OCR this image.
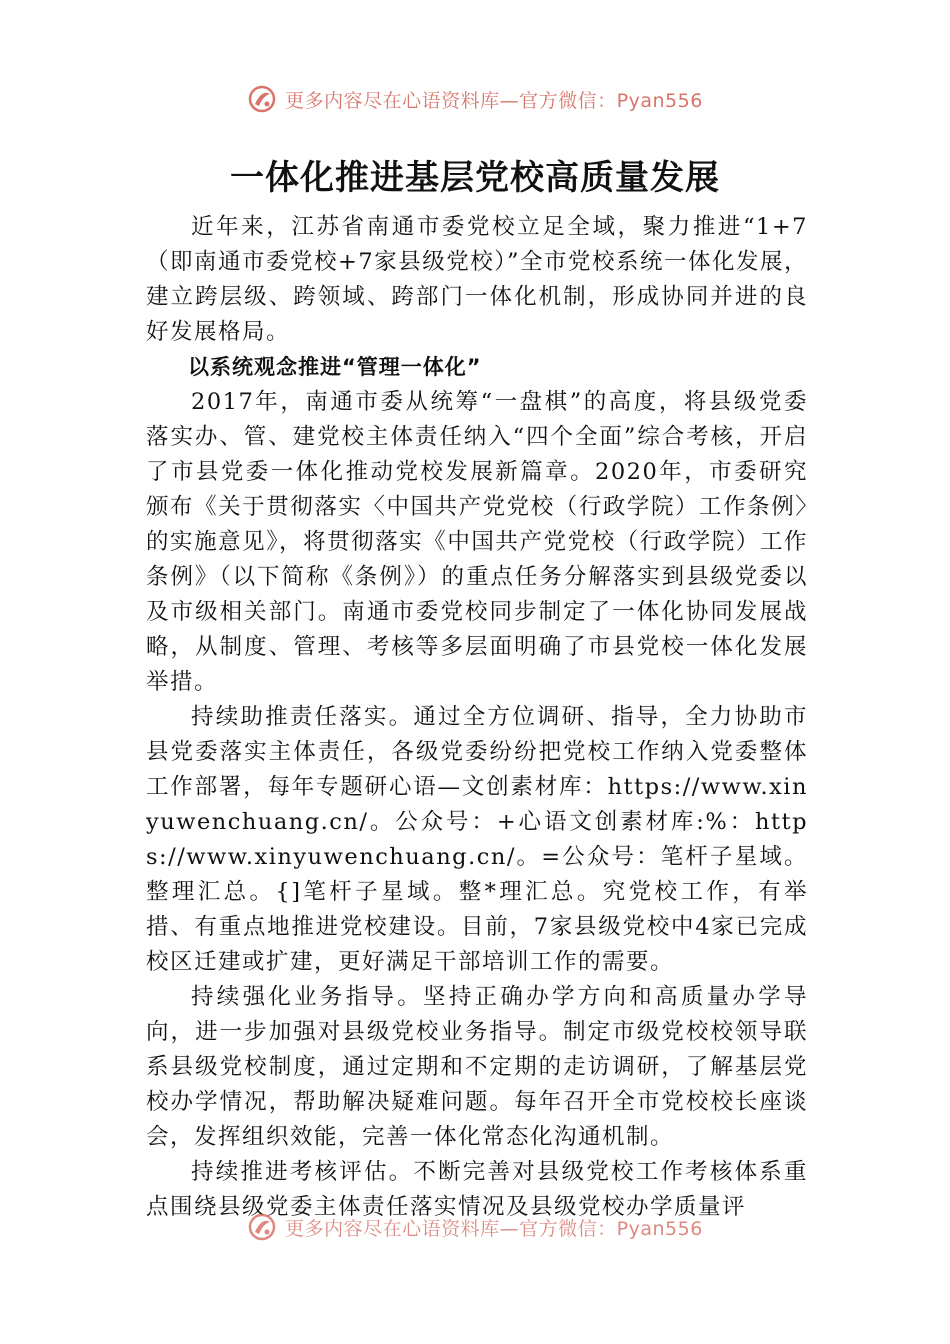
更多内容尽在心语资料库—官方微信：Pyan556
一体化推进基层党校高质量发展

近年来，江苏省南通市委党校立足全域，聚力推进“1+7（即南通市委党校+7家县级党校）”全市党校系统一体化发展，建立跨层级、跨领域、跨部门一体化机制，形成协同并进的良好发展格局。

以系统观念推进“管理一体化”

2017年，南通市委从统筹“一盘棋”的高度，将县级党委落实办、管、建党校主体责任纳入“四个全面”综合考核，开启了市县党委一体化推动党校发展新篇章。2020年，市委研究颁布《关于贯彻落实〈中国共产党党校（行政学院）工作条例〉的实施意见》，将贯彻落实《中国共产党党校（行政学院）工作条例》（以下简称《条例》）的重点任务分解落实到县级党委以及市级相关部门。南通市委党校同步制定了一体化协同发展战略，从制度、管理、考核等多层面明确了市县党校一体化发展举措。

持续助推责任落实。通过全方位调研、指导，全力协助市县党委落实主体责任，各级党委纷纷把党校工作纳入党委整体工作部署，每年专题研心语—文创素材库：https://www.xinyuwenchuang.cn/。公众号：+心语文创素材库:%：https://www.xinyuwenchuang.cn/。=公众号：笔杆子星域。整理汇总。{]笔杆子星域。整*理汇总。究党校工作，有举措、有重点地推进党校建设。目前，7家县级党校中4家已完成校区迁建或扩建，更好满足干部培训工作的需要。

持续强化业务指导。坚持正确办学方向和高质量办学导向，进一步加强对县级党校业务指导。制定市级党校校领导联系县级党校制度，通过定期和不定期的走访调研，了解基层党校办学情况，帮助解决疑难问题。每年召开全市党校校长座谈会，发挥组织效能，完善一体化常态化沟通机制。

持续推进考核评估。不断完善对县级党校工作考核体系重点围绕县级党委主体责任落实情况及县级党校办学质量评

更多内容尽在心语资料库—官方微信：Pyan556
